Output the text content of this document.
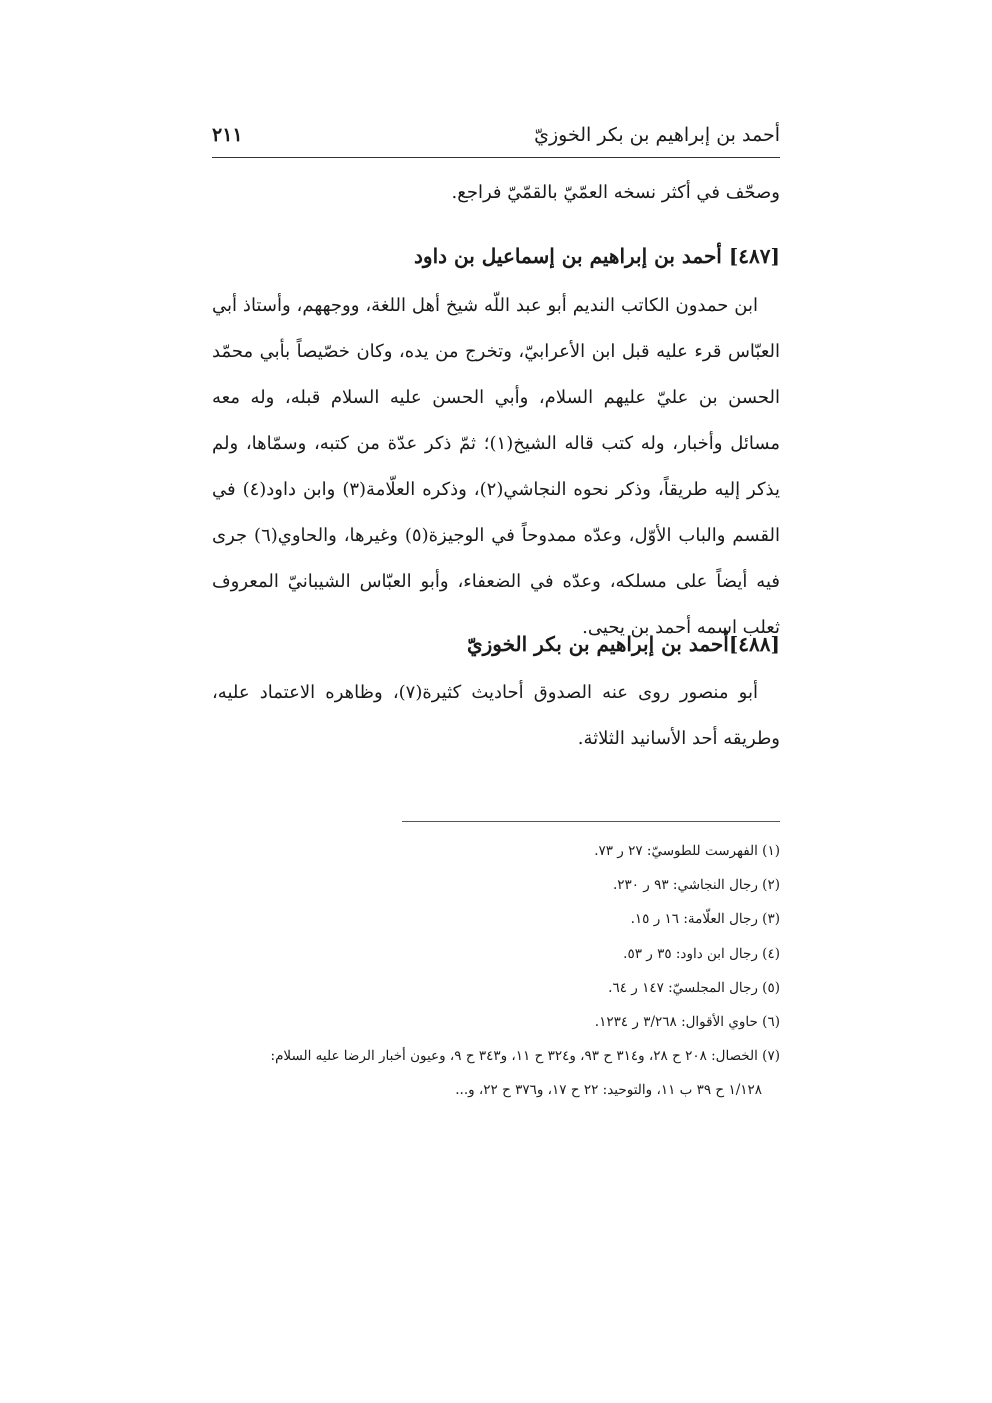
أحمد بن إبراهيم بن بكر الخوزيّ
٢١١
وصحّف في أكثر نسخه العمّيّ بالقمّيّ فراجع.
[٤٨٧] أحمد بن إبراهيم بن إسماعيل بن داود
ابن حمدون الكاتب النديم أبو عبد اللّه شيخ أهل اللغة، ووجههم، وأستاذ أبي العبّاس قرء عليه قبل ابن الأعرابيّ، وتخرج من يده، وكان خصّيصاً بأبي محمّد الحسن بن عليّ عليهم السلام، وأبي الحسن عليه السلام قبله، وله معه مسائل وأخبار، وله كتب قاله الشيخ(١)؛ ثمّ ذكر عدّة من كتبه، وسمّاها، ولم يذكر إليه طريقاً، وذكر نحوه النجاشي(٢)، وذكره العلّامة(٣) وابن داود(٤) في القسم والباب الأوّل، وعدّه ممدوحاً في الوجيزة(٥) وغيرها، والحاوي(٦) جرى فيه أيضاً على مسلكه، وعدّه في الضعفاء، وأبو العبّاس الشيبانيّ المعروف ثعلب اسمه أحمد بن يحيى.
[٤٨٨]أحمد بن إبراهيم بن بكر الخوزيّ
أبو منصور روى عنه الصدوق أحاديث كثيرة(٧)، وظاهره الاعتماد عليه، وطريقه أحد الأسانيد الثلاثة.
(١) الفهرست للطوسيّ: ٢٧ ر ٧٣.
(٢) رجال النجاشي: ٩٣ ر ٢٣٠.
(٣) رجال العلّامة: ١٦ ر ١٥.
(٤) رجال ابن داود: ٣٥ ر ٥٣.
(٥) رجال المجلسيّ: ١٤٧ ر ٦٤.
(٦) حاوي الأقوال: ٣/٢٦٨ ر ١٢٣٤.
(٧) الخصال: ٢٠٨ ح ٢٨، و٣١٤ ح ٩٣، و٣٢٤ ح ١١، و٣٤٣ ح ٩، وعيون أخبار الرضا عليه السلام:
١/١٢٨ ح ٣٩ ب ١١، والتوحيد: ٢٢ ح ١٧، و٣٧٦ ح ٢٢، و...
